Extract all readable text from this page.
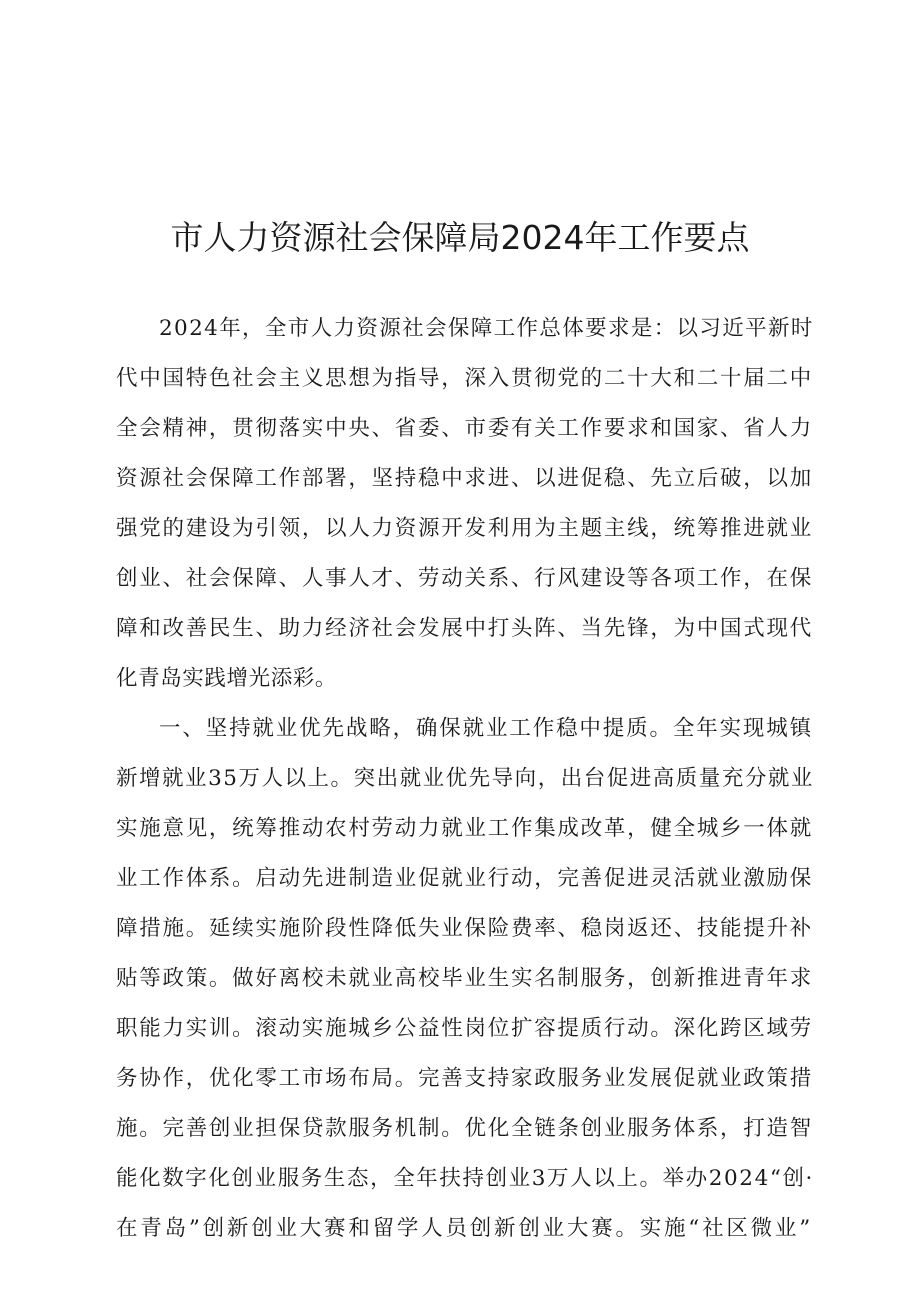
市人力资源社会保障局2024年工作要点
2024年，全市人力资源社会保障工作总体要求是：以习近平新时
代中国特色社会主义思想为指导，深入贯彻党的二十大和二十届二中
全会精神，贯彻落实中央、省委、市委有关工作要求和国家、省人力
资源社会保障工作部署，坚持稳中求进、以进促稳、先立后破，以加
强党的建设为引领，以人力资源开发利用为主题主线，统筹推进就业
创业、社会保障、人事人才、劳动关系、行风建设等各项工作，在保
障和改善民生、助力经济社会发展中打头阵、当先锋，为中国式现代
化青岛实践增光添彩。
一、坚持就业优先战略，确保就业工作稳中提质。全年实现城镇
新增就业35万人以上。突出就业优先导向，出台促进高质量充分就业
实施意见，统筹推动农村劳动力就业工作集成改革，健全城乡一体就
业工作体系。启动先进制造业促就业行动，完善促进灵活就业激励保
障措施。延续实施阶段性降低失业保险费率、稳岗返还、技能提升补
贴等政策。做好离校未就业高校毕业生实名制服务，创新推进青年求
职能力实训。滚动实施城乡公益性岗位扩容提质行动。深化跨区域劳
务协作，优化零工市场布局。完善支持家政服务业发展促就业政策措
施。完善创业担保贷款服务机制。优化全链条创业服务体系，打造智
能化数字化创业服务生态，全年扶持创业3万人以上。举办2024“创·
在青岛”创新创业大赛和留学人员创新创业大赛。实施“社区微业”
